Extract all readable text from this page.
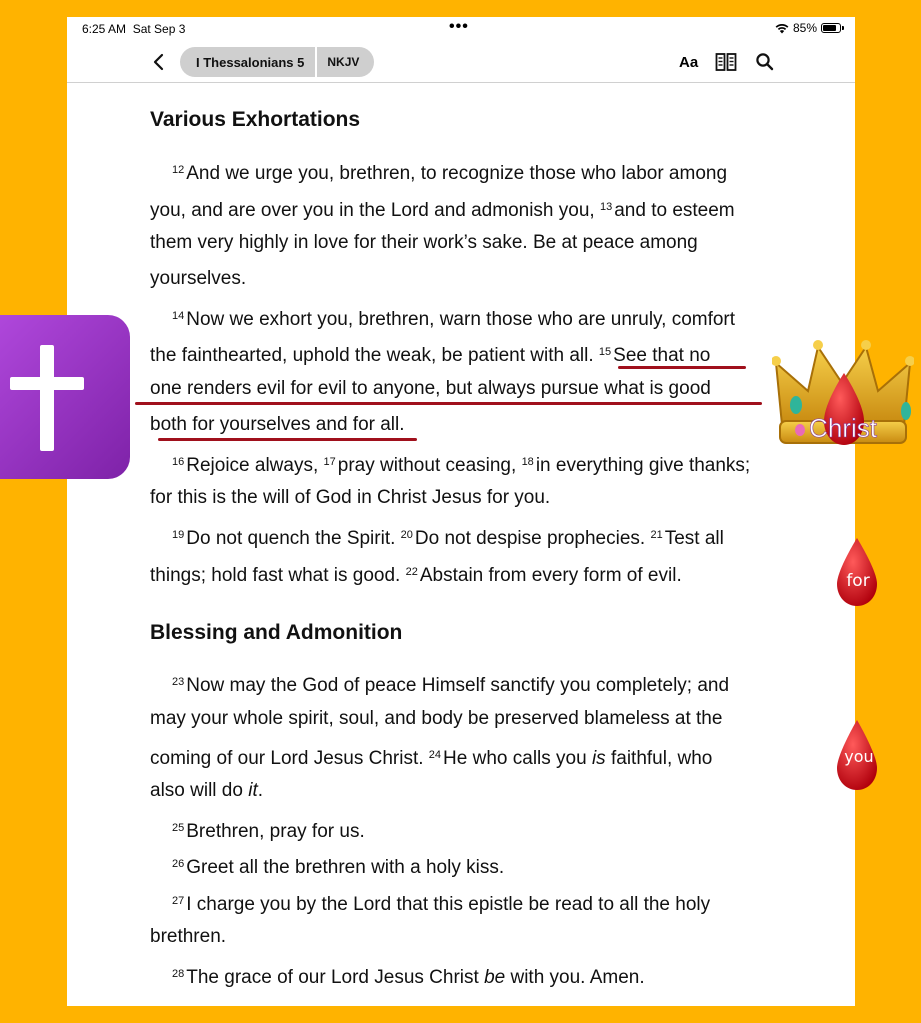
6:25 AM Sat Sep 3	•••	85%
I Thessalonians 5	NKJV	Aa
Various Exhortations
$^{12}$ And we urge you, brethren, to recognize those who labor among
you, and are over you in the Lord and admonish you, $^{13}$ and to esteem
them very highly in love for their work’s sake. Be at peace among
yourselves.
$^{14}$ Now we exhort you, brethren, warn those who are unruly, comfort
the fainthearted, uphold the weak, be patient with all. $^{15}$ See that no
one renders evil for evil to anyone, but always pursue what is good
both for yourselves and for all.
$^{16}$ Rejoice always, $^{17}$ pray without ceasing, $^{18}$ in everything give thanks;
for this is the will of God in Christ Jesus for you.
$^{19}$ Do not quench the Spirit. $^{20}$ Do not despise prophecies. $^{21}$ Test all
things; hold fast what is good. $^{22}$ Abstain from every form of evil.
Blessing and Admonition
$^{23}$ Now may the God of peace Himself sanctify you completely; and
may your whole spirit, soul, and body be preserved blameless at the
coming of our Lord Jesus Christ. $^{24}$ He who calls you is faithful, who
also will do it.
$^{25}$ Brethren, pray for us.
$^{26}$ Greet all the brethren with a holy kiss.
$^{27}$ I charge you by the Lord that this epistle be read to all the holy
brethren.
$^{28}$ The grace of our Lord Jesus Christ be with you. Amen.
Christ
for
you
